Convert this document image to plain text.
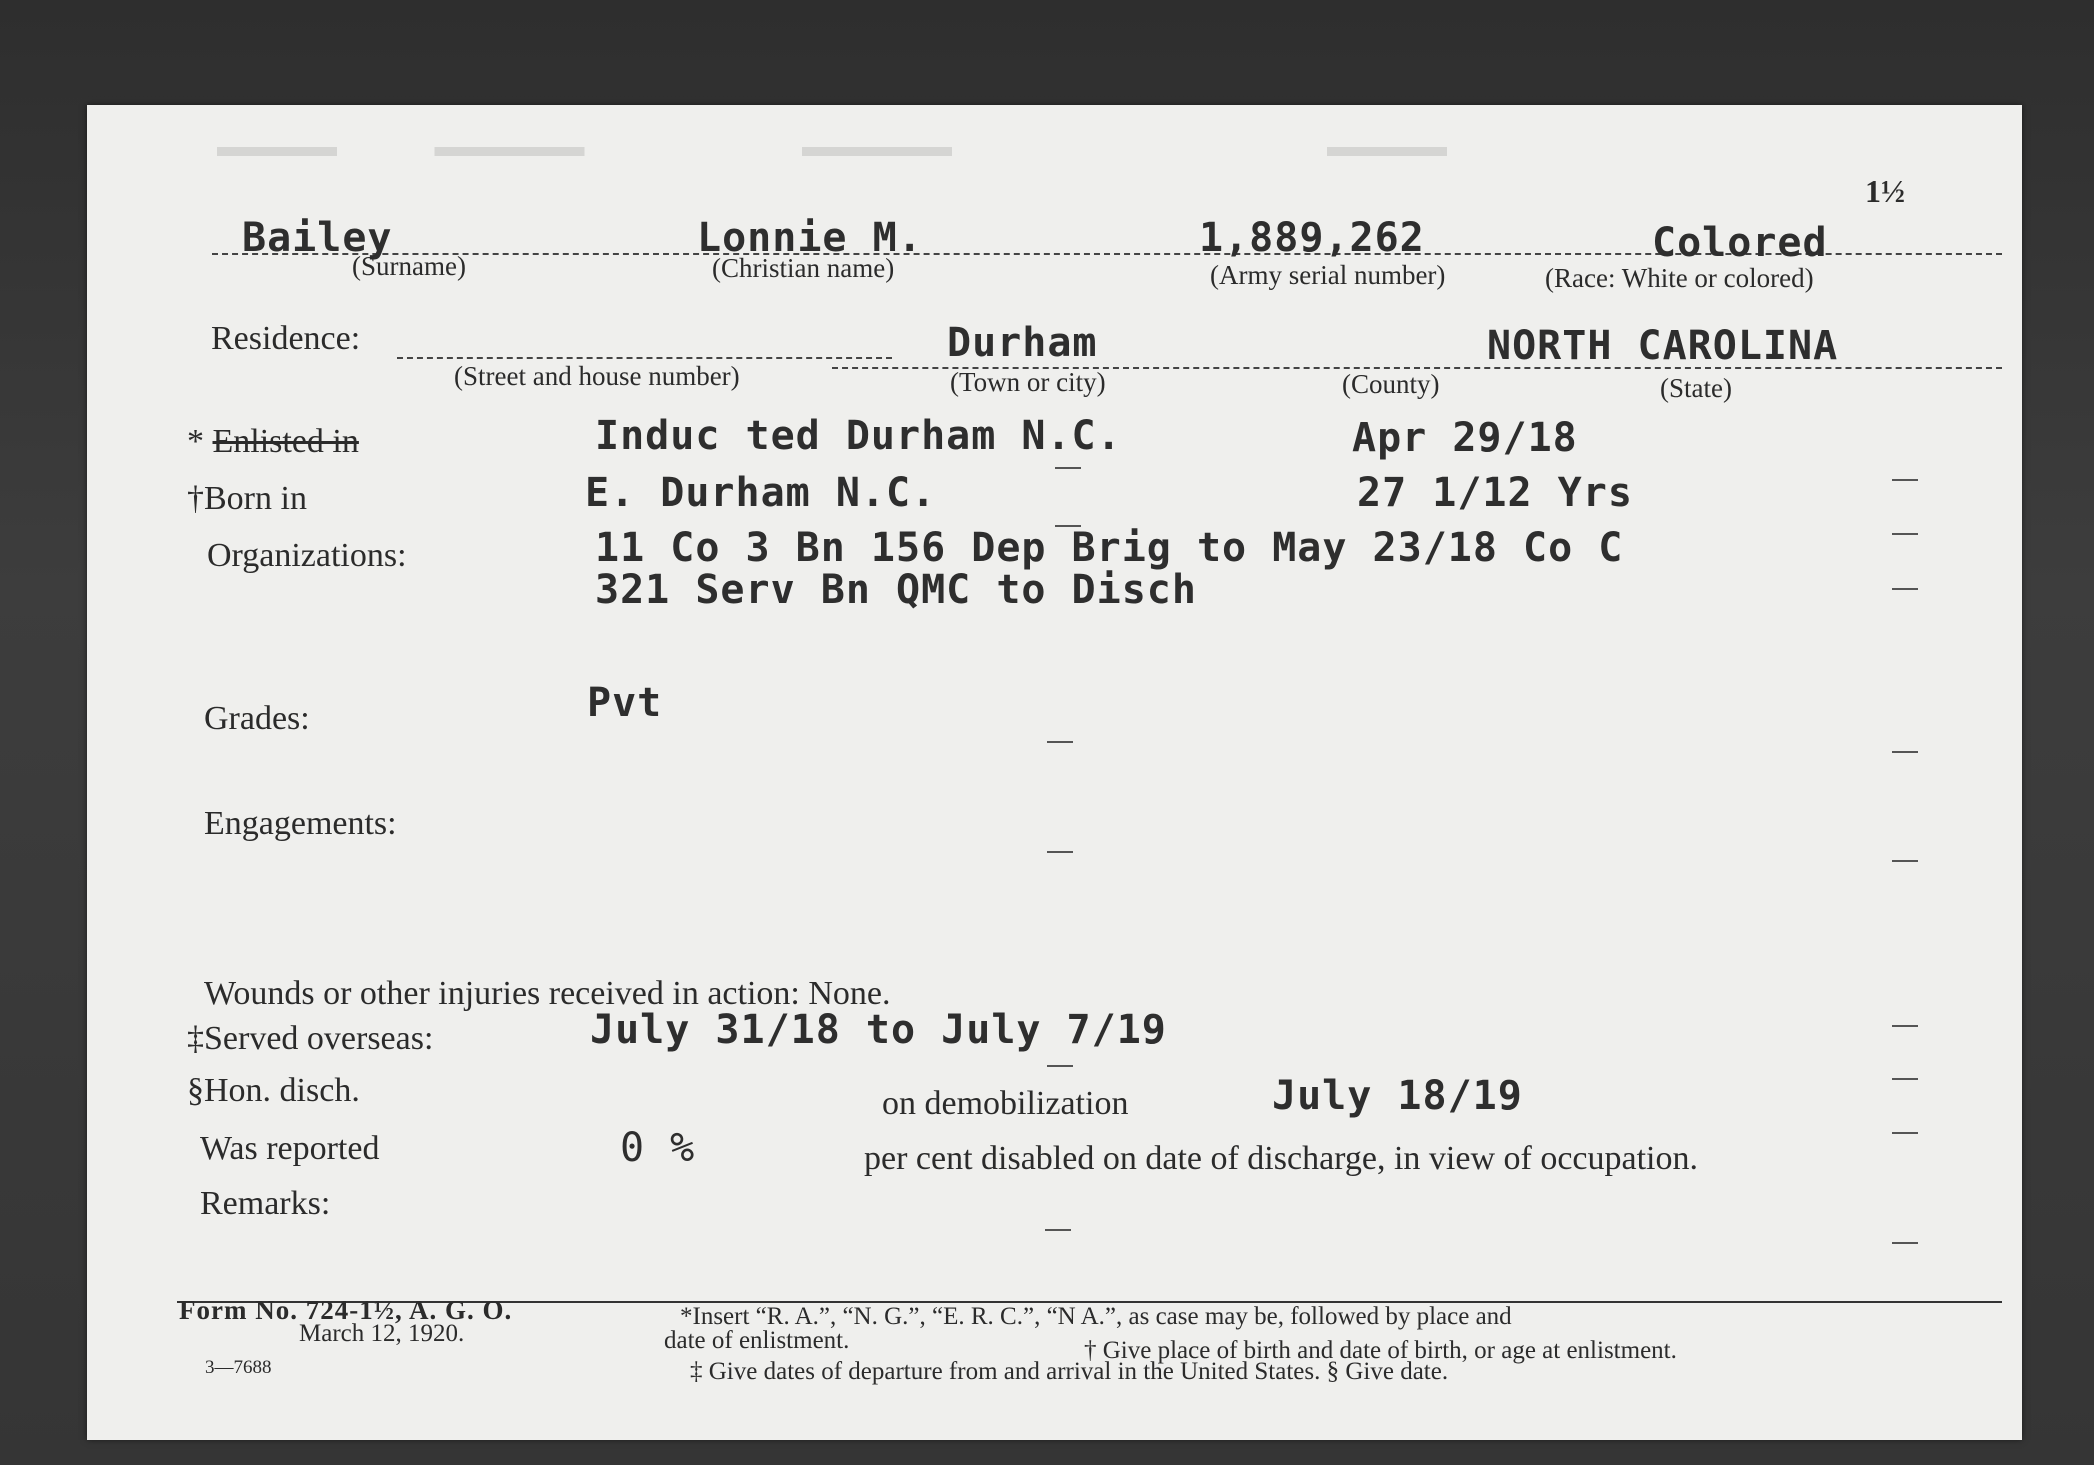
▬▬▬▬             ▬▬▬▬▬                             ▬▬▬▬▬                                                  ▬▬▬▬
1½
Bailey	Lonnie M.	1,889,262	Colored
(Surname)	(Christian name)	(Army serial number)	(Race: White or colored)
Residence:	Durham	NORTH CAROLINA
(Street and house number)	(Town or city)	(County)	(State)
* Enlisted in	Induc ted Durham N.C.	Apr 29/18
†Born in	E. Durham N.C.	27 1/12 Yrs
Organizations:	11 Co 3 Bn 156 Dep Brig to May 23/18 Co C
321 Serv Bn QMC to Disch
Grades:	Pvt
Engagements:
Wounds or other injuries received in action: None.
‡Served overseas:	July 31/18 to July 7/19
§Hon. disch.	on demobilization	July 18/19
Was reported	0 %	per cent disabled on date of discharge, in view of occupation.
Remarks:
Form No. 724-1½, A. G. O.
March 12, 1920.
3—7688
*Insert “R. A.”, “N. G.”, “E. R. C.”, “N A.”, as case may be, followed by place and
date of enlistment.	† Give place of birth and date of birth, or age at enlistment.
‡ Give dates of departure from and arrival in the United States. § Give date.
